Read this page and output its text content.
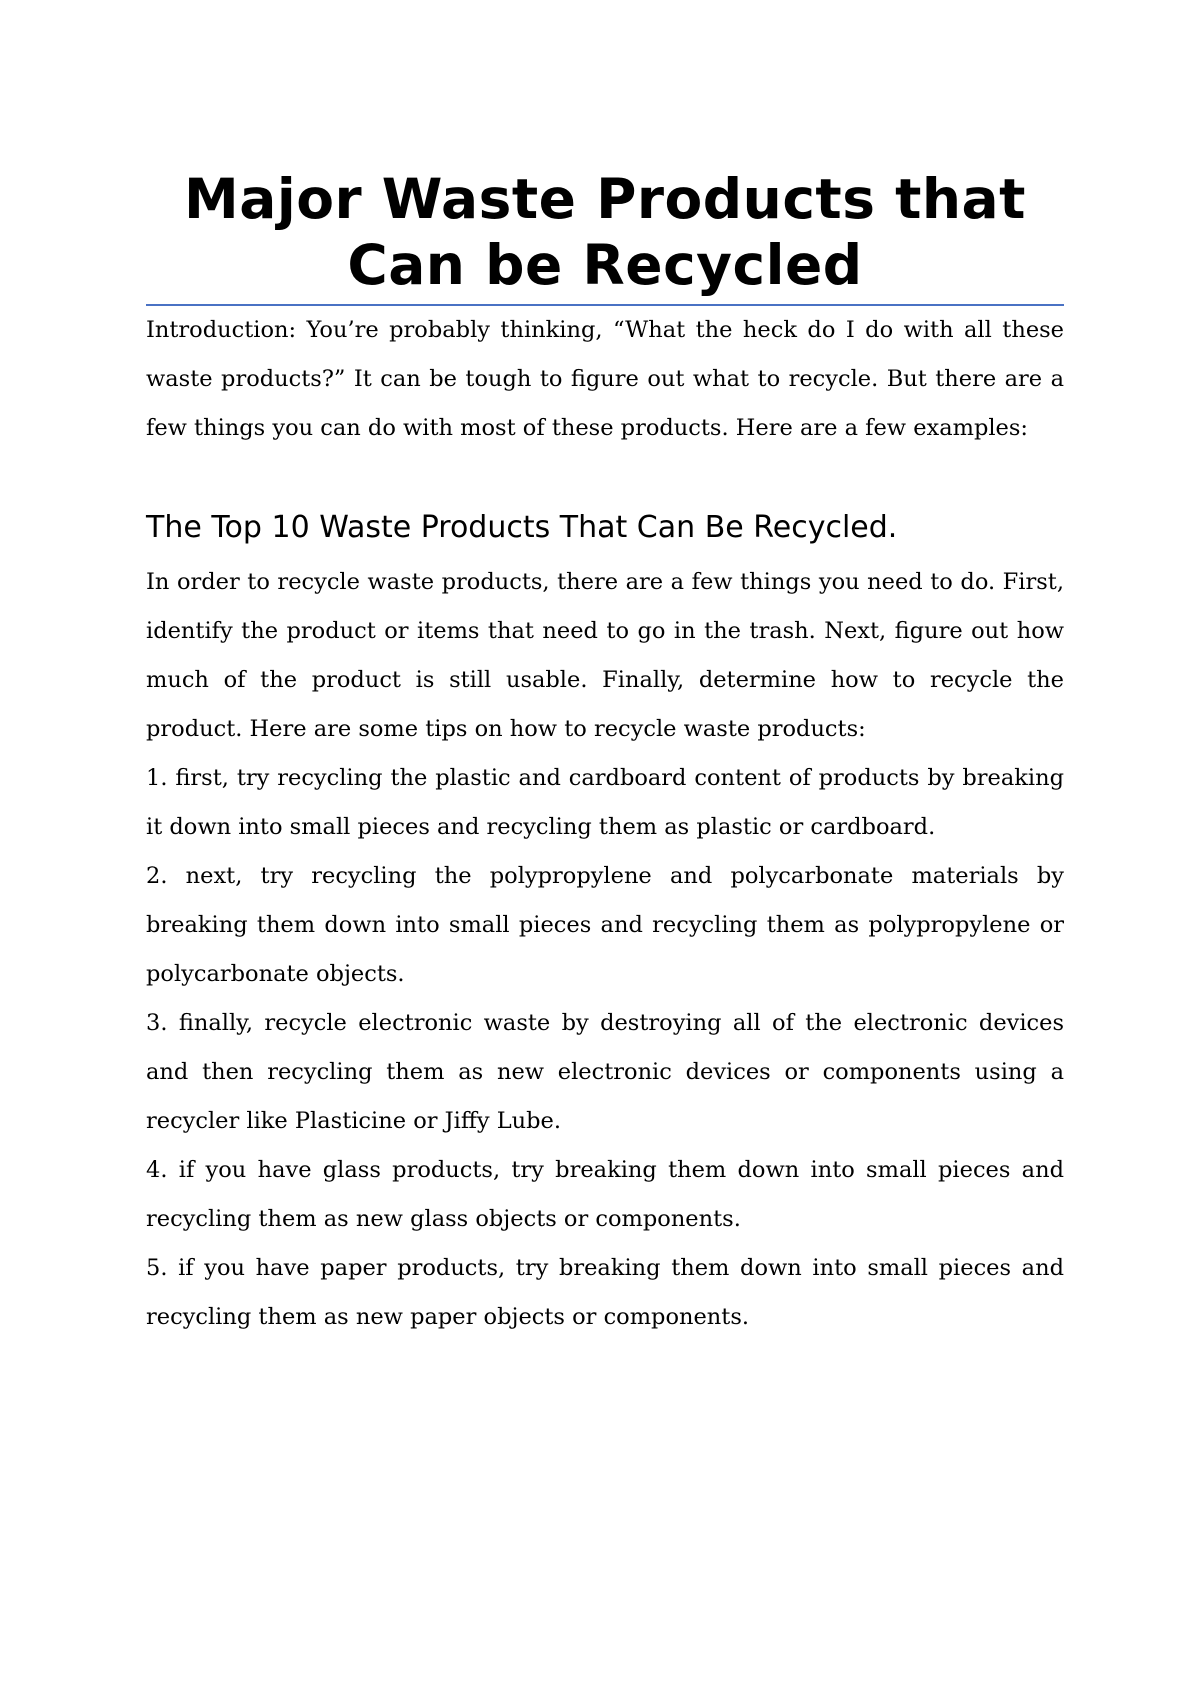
Major Waste Products that Can be Recycled

Introduction: You’re probably thinking, “What the heck do I do with all these waste products?” It can be tough to figure out what to recycle. But there are a few things you can do with most of these products. Here are a few examples:

The Top 10 Waste Products That Can Be Recycled.

In order to recycle waste products, there are a few things you need to do. First, identify the product or items that need to go in the trash. Next, figure out how much of the product is still usable. Finally, determine how to recycle the product. Here are some tips on how to recycle waste products:

1. first, try recycling the plastic and cardboard content of products by breaking it down into small pieces and recycling them as plastic or cardboard.

2. next, try recycling the polypropylene and polycarbonate materials by breaking them down into small pieces and recycling them as polypropylene or polycarbonate objects.

3. finally, recycle electronic waste by destroying all of the electronic devices and then recycling them as new electronic devices or components using a recycler like Plasticine or Jiffy Lube.

4. if you have glass products, try breaking them down into small pieces and recycling them as new glass objects or components.

5. if you have paper products, try breaking them down into small pieces and recycling them as new paper objects or components.
